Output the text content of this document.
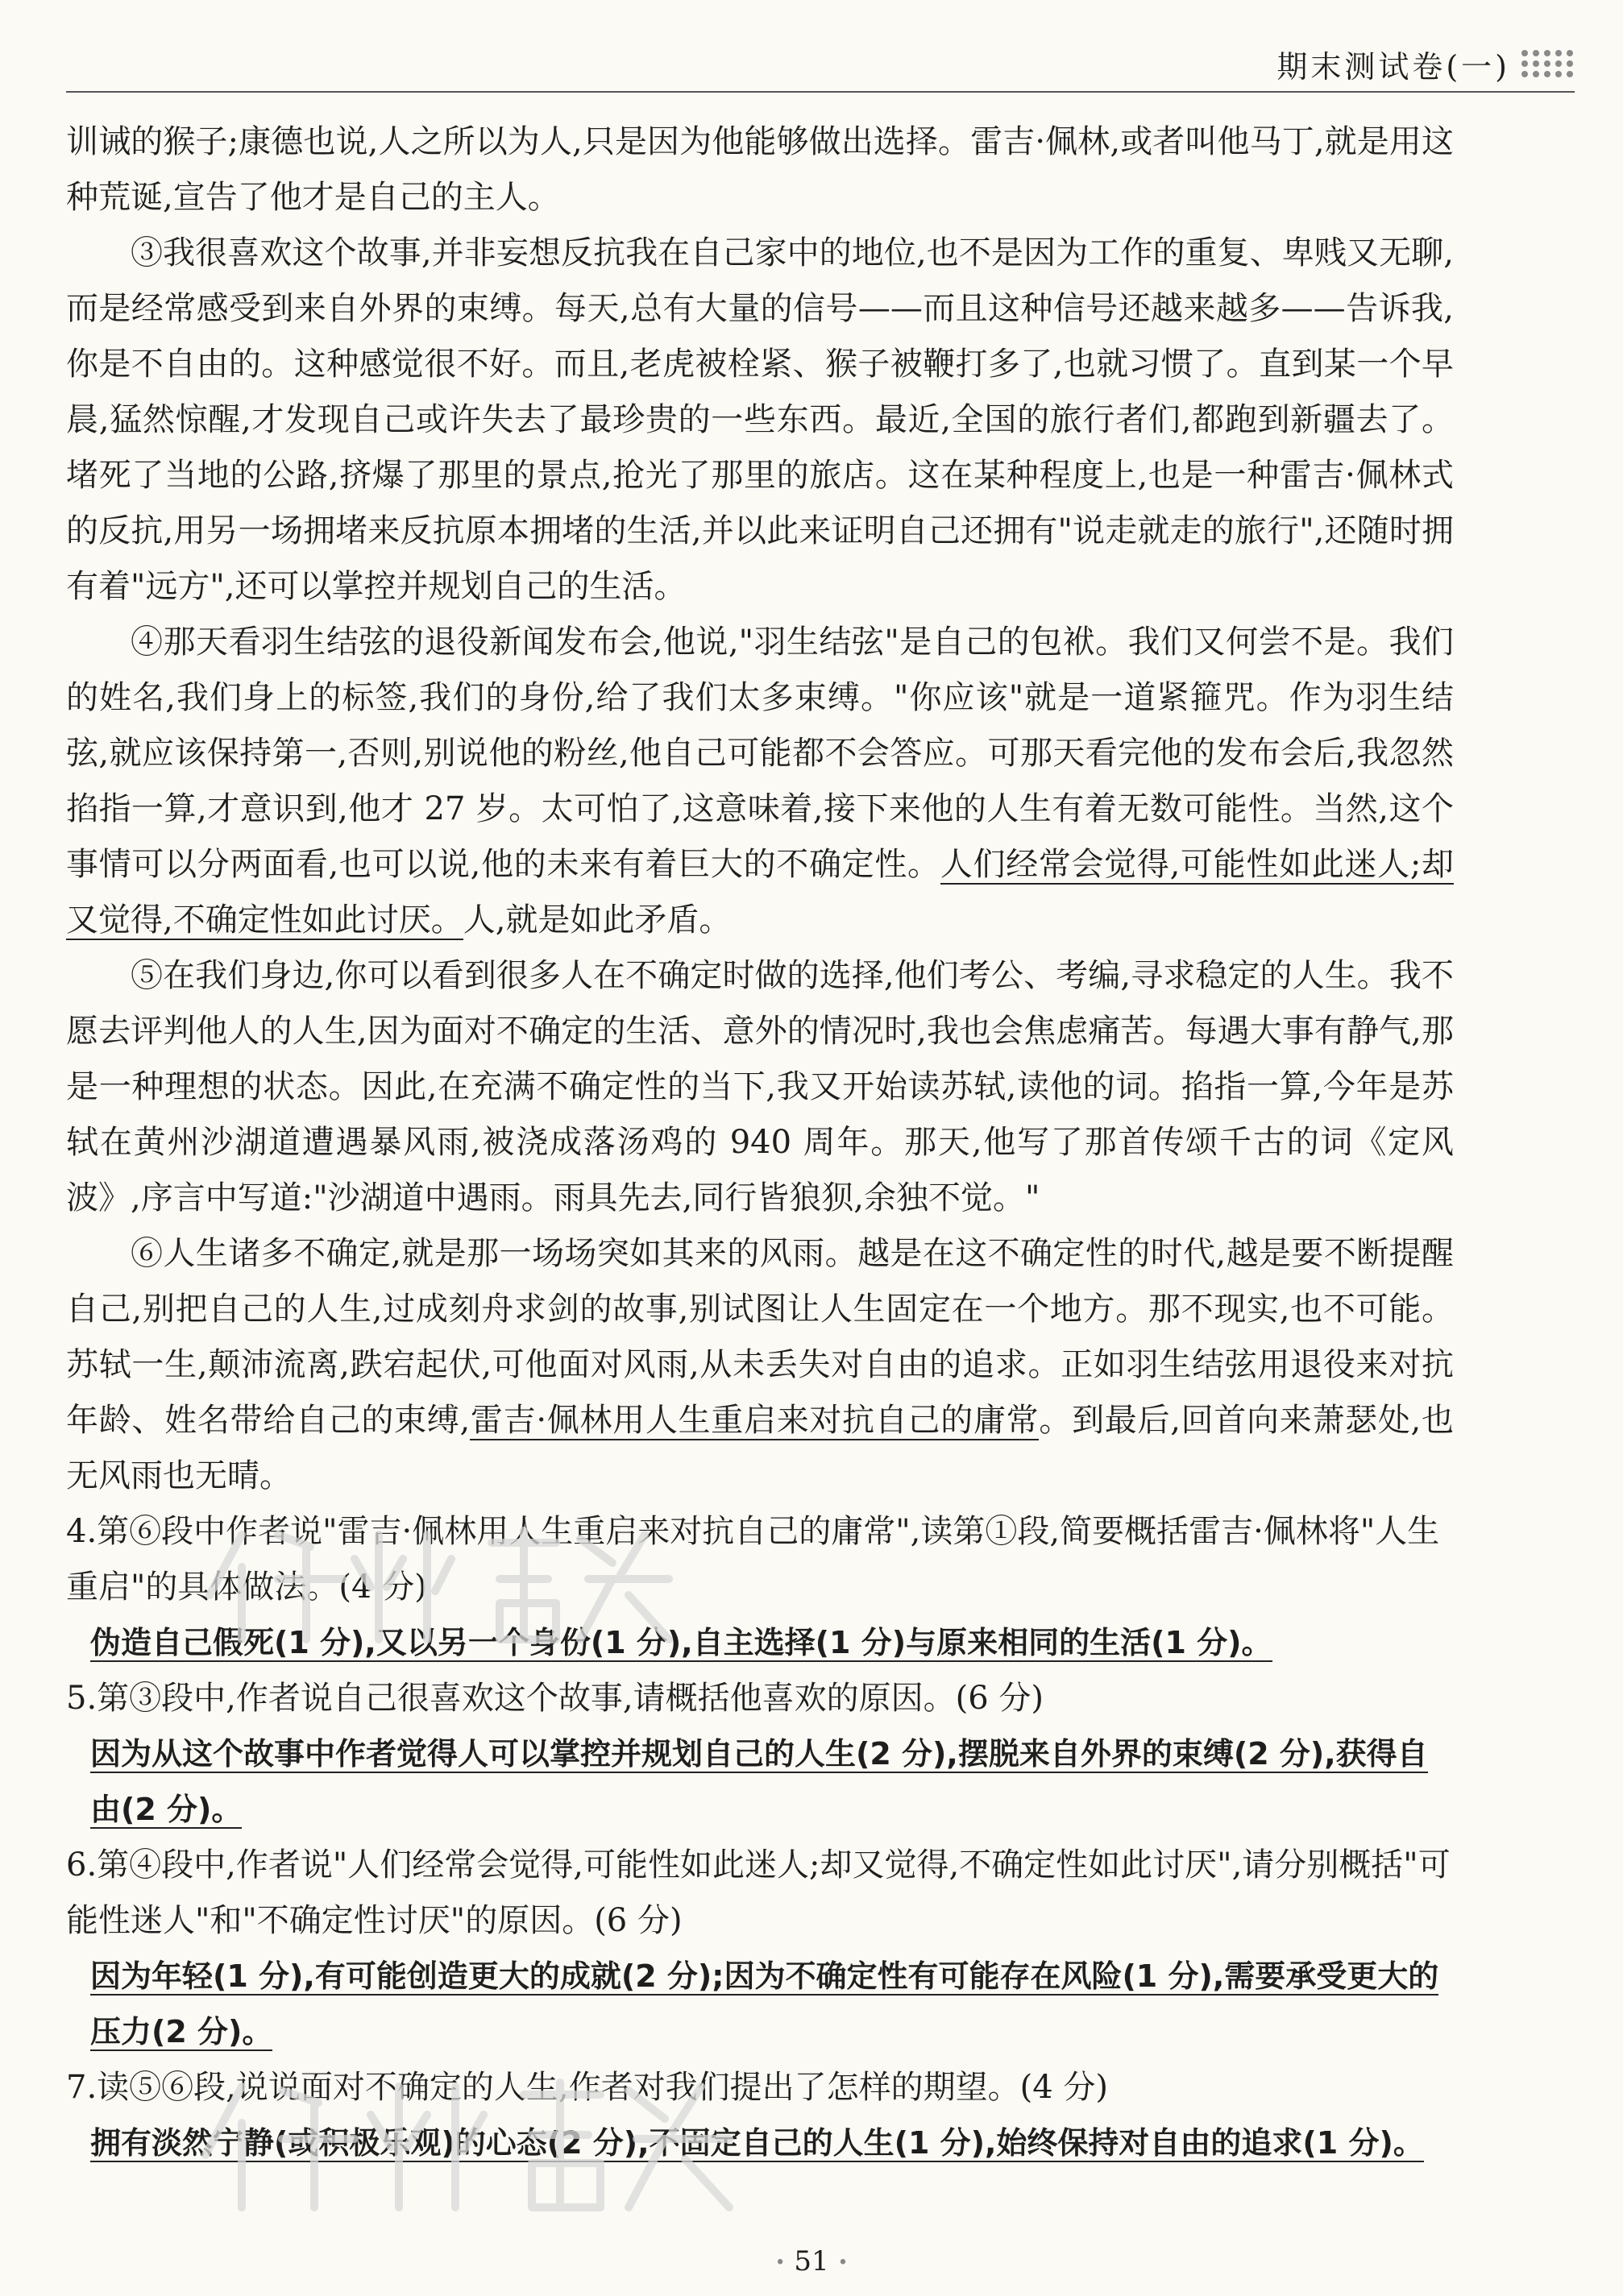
期末测试卷(一)

训诫的猴子;康德也说,人之所以为人,只是因为他能够做出选择。雷吉·佩林,或者叫他马丁,就是用这种荒诞,宣告了他才是自己的主人。

③我很喜欢这个故事,并非妄想反抗我在自己家中的地位,也不是因为工作的重复、卑贱又无聊,而是经常感受到来自外界的束缚。每天,总有大量的信号——而且这种信号还越来越多——告诉我,你是不自由的。这种感觉很不好。而且,老虎被栓紧、猴子被鞭打多了,也就习惯了。直到某一个早晨,猛然惊醒,才发现自己或许失去了最珍贵的一些东西。最近,全国的旅行者们,都跑到新疆去了。堵死了当地的公路,挤爆了那里的景点,抢光了那里的旅店。这在某种程度上,也是一种雷吉·佩林式的反抗,用另一场拥堵来反抗原本拥堵的生活,并以此来证明自己还拥有"说走就走的旅行",还随时拥有着"远方",还可以掌控并规划自己的生活。

④那天看羽生结弦的退役新闻发布会,他说,"羽生结弦"是自己的包袱。我们又何尝不是。我们的姓名,我们身上的标签,我们的身份,给了我们太多束缚。"你应该"就是一道紧箍咒。作为羽生结弦,就应该保持第一,否则,别说他的粉丝,他自己可能都不会答应。可那天看完他的发布会后,我忽然掐指一算,才意识到,他才 27 岁。太可怕了,这意味着,接下来他的人生有着无数可能性。当然,这个事情可以分两面看,也可以说,他的未来有着巨大的不确定性。人们经常会觉得,可能性如此迷人;却又觉得,不确定性如此讨厌。人,就是如此矛盾。

⑤在我们身边,你可以看到很多人在不确定时做的选择,他们考公、考编,寻求稳定的人生。我不愿去评判他人的人生,因为面对不确定的生活、意外的情况时,我也会焦虑痛苦。每遇大事有静气,那是一种理想的状态。因此,在充满不确定性的当下,我又开始读苏轼,读他的词。掐指一算,今年是苏轼在黄州沙湖道遭遇暴风雨,被浇成落汤鸡的 940 周年。那天,他写了那首传颂千古的词《定风波》,序言中写道:"沙湖道中遇雨。雨具先去,同行皆狼狈,余独不觉。"

⑥人生诸多不确定,就是那一场场突如其来的风雨。越是在这不确定性的时代,越是要不断提醒自己,别把自己的人生,过成刻舟求剑的故事,别试图让人生固定在一个地方。那不现实,也不可能。苏轼一生,颠沛流离,跌宕起伏,可他面对风雨,从未丢失对自由的追求。正如羽生结弦用退役来对抗年龄、姓名带给自己的束缚,雷吉·佩林用人生重启来对抗自己的庸常。到最后,回首向来萧瑟处,也无风雨也无晴。

4.第⑥段中作者说"雷吉·佩林用人生重启来对抗自己的庸常",读第①段,简要概括雷吉·佩林将"人生重启"的具体做法。(4 分)
伪造自己假死(1 分),又以另一个身份(1 分),自主选择(1 分)与原来相同的生活(1 分)。
5.第③段中,作者说自己很喜欢这个故事,请概括他喜欢的原因。(6 分)
因为从这个故事中作者觉得人可以掌控并规划自己的人生(2 分),摆脱来自外界的束缚(2 分),获得自由(2 分)。
6.第④段中,作者说"人们经常会觉得,可能性如此迷人;却又觉得,不确定性如此讨厌",请分别概括"可能性迷人"和"不确定性讨厌"的原因。(6 分)
因为年轻(1 分),有可能创造更大的成就(2 分);因为不确定性有可能存在风险(1 分),需要承受更大的压力(2 分)。
7.读⑤⑥段,说说面对不确定的人生,作者对我们提出了怎样的期望。(4 分)
拥有淡然宁静(或积极乐观)的心态(2 分),不固定自己的人生(1 分),始终保持对自由的追求(1 分)。
• 51 •
